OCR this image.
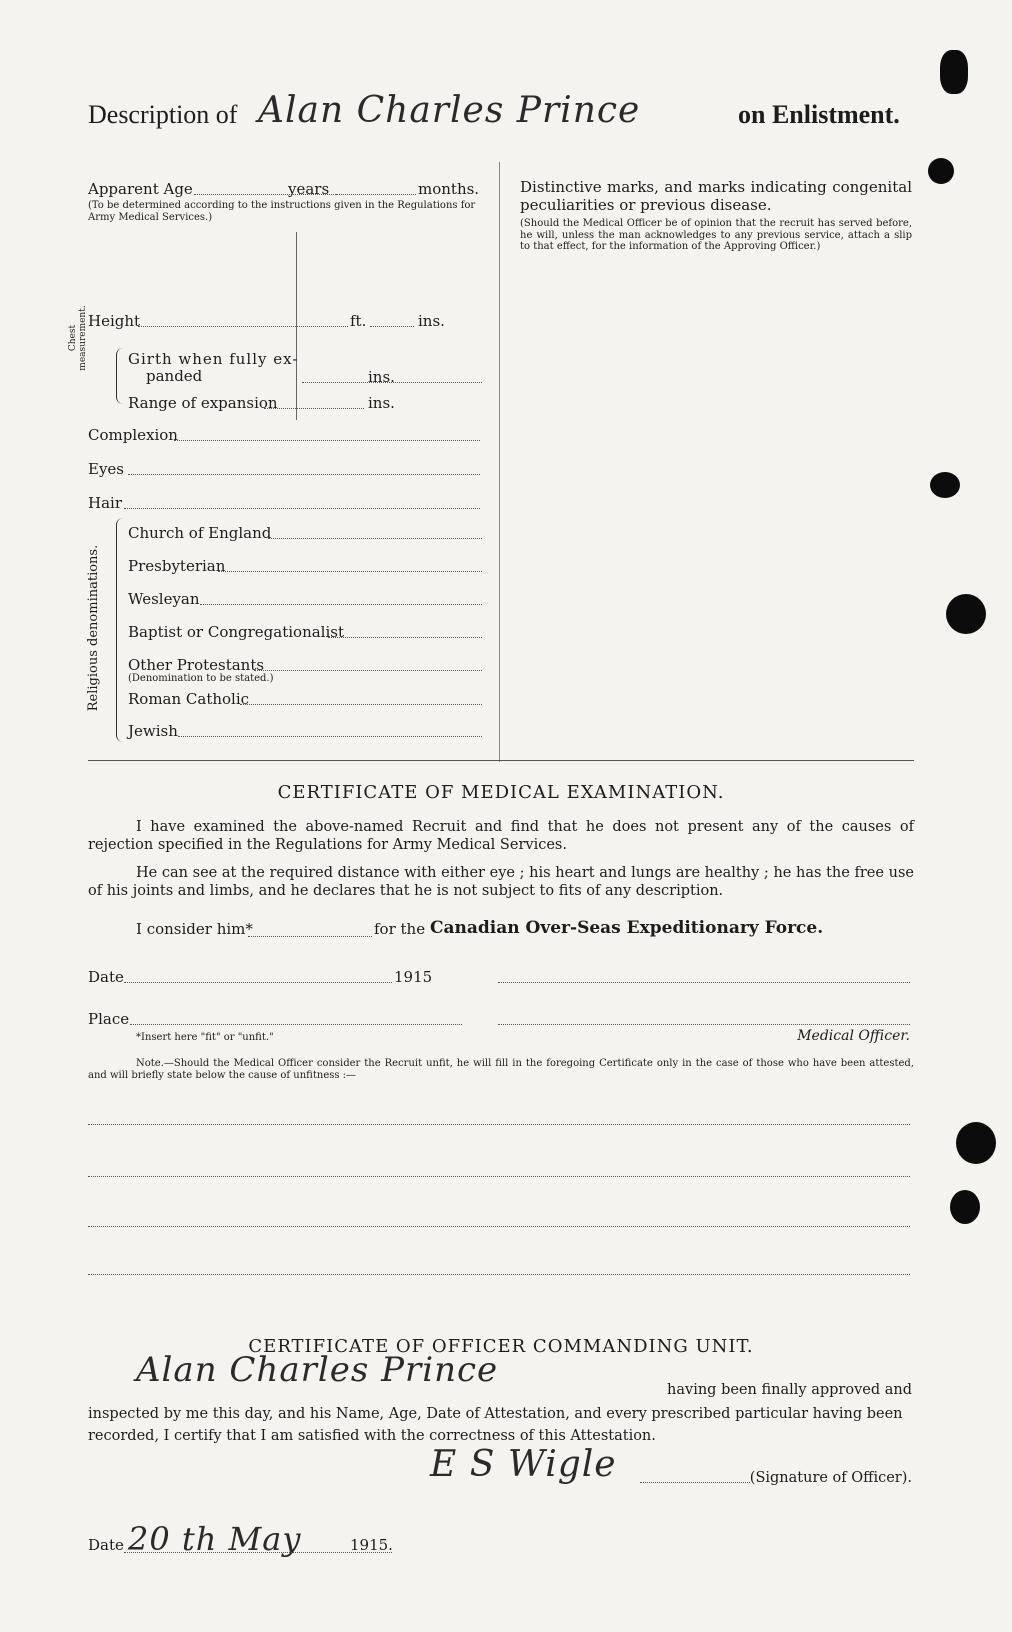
Description of Alan Charles Prince	on Enlistment.
Apparent Age	years	months.
(To be determined according to the instructions given in the Regulations for Army Medical Services.)
Height	ft.	ins.
Chest measurement.	Girth when fully ex-
panded	ins.
Range of expansion	ins.
Complexion
Eyes
Hair
Religious denominations.
Church of England
Presbyterian
Wesleyan
Baptist or Congregationalist
Other Protestants
(Denomination to be stated.)
Roman Catholic
Jewish
Distinctive marks, and marks indicating congenital peculiarities or previous disease.
(Should the Medical Officer be of opinion that the recruit has served before, he will, unless the man acknowledges to any previous service, attach a slip to that effect, for the information of the Approving Officer.)
CERTIFICATE OF MEDICAL EXAMINATION.
I have examined the above-named Recruit and find that he does not present any of the causes of rejection specified in the Regulations for Army Medical Services.
He can see at the required distance with either eye ; his heart and lungs are healthy ; he has the free use of his joints and limbs, and he declares that he is not subject to fits of any description.
I consider him*	for the Canadian Over-Seas Expeditionary Force.
Date	1915
Place
*Insert here "fit" or "unfit."	Medical Officer.
Note.—Should the Medical Officer consider the Recruit unfit, he will fill in the foregoing Certificate only in the case of those who have been attested, and will briefly state below the cause of unfitness :—
CERTIFICATE OF OFFICER COMMANDING UNIT.
Alan Charles Prince	having been finally approved and
inspected by me this day, and his Name, Age, Date of Attestation, and every prescribed particular having been
recorded, I certify that I am satisfied with the correctness of this Attestation.
E S Wigle	(Signature of Officer).
Date 20 th May	1915.
